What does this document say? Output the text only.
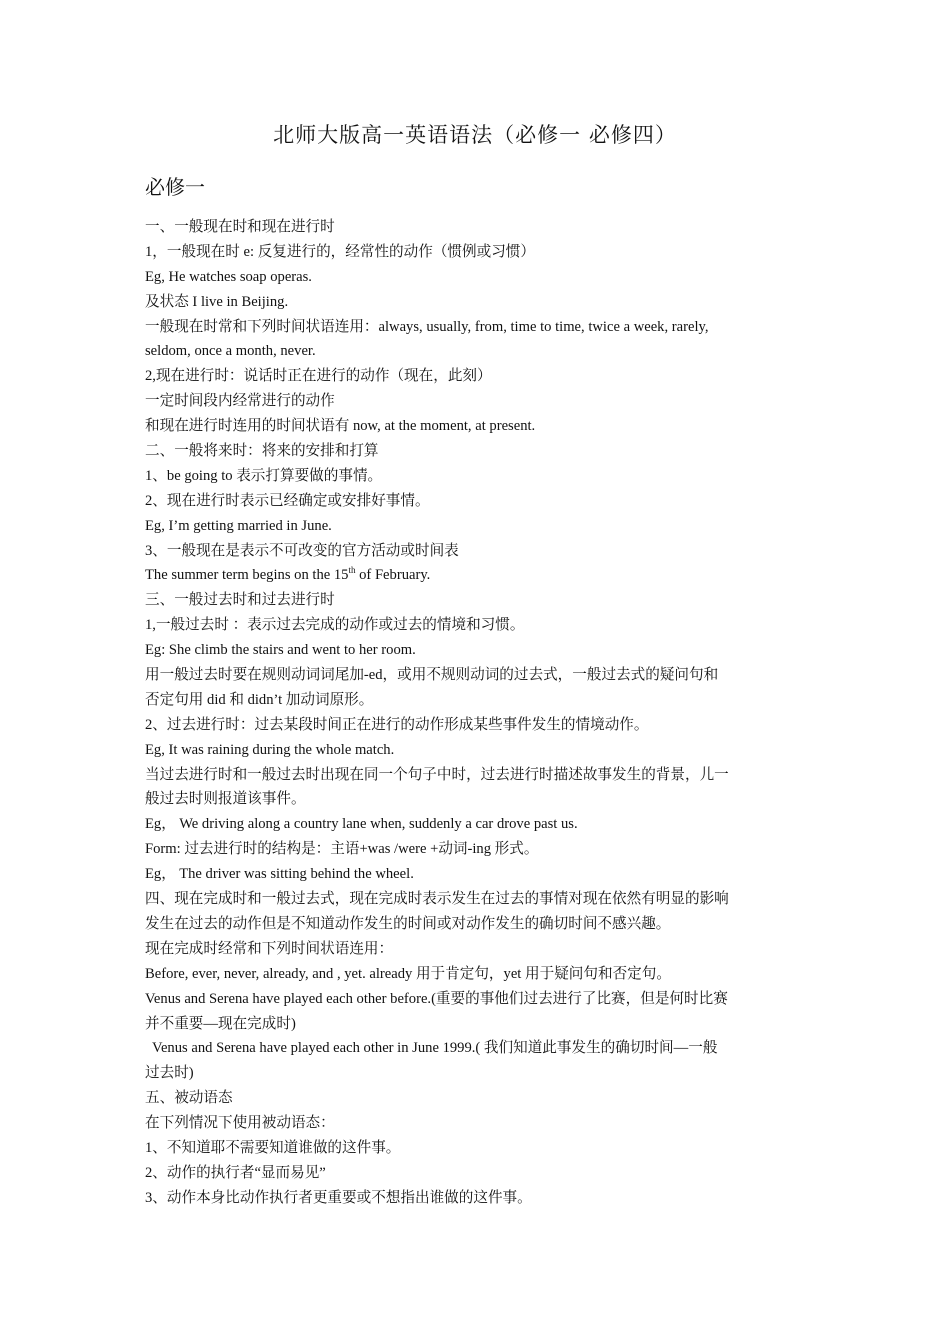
北师大版高一英语语法（必修一 必修四）
必修一
一、一般现在时和现在进行时
1，一般现在时 e: 反复进行的，经常性的动作（惯例或习惯）
Eg, He watches soap operas.
及状态 I live in Beijing.
一般现在时常和下列时间状语连用：always, usually, from, time to time, twice a week, rarely,
seldom, once a month, never.
2,现在进行时：说话时正在进行的动作（现在，此刻）
一定时间段内经常进行的动作
和现在进行时连用的时间状语有 now, at the moment, at present.
二、一般将来时：将来的安排和打算
1、be going to 表示打算要做的事情。
2、现在进行时表示已经确定或安排好事情。
Eg, I’m getting married in June.
3、一般现在是表示不可改变的官方活动或时间表
The summer term begins on the 15th of February.
三、一般过去时和过去进行时
1,一般过去时 ：表示过去完成的动作或过去的情境和习惯。
Eg: She climb the stairs and went to her room.
用一般过去时要在规则动词词尾加-ed，或用不规则动词的过去式，一般过去式的疑问句和
否定句用 did 和 didn’t 加动词原形。
2、过去进行时：过去某段时间正在进行的动作形成某些事件发生的情境动作。
Eg, It was raining during the whole match.
当过去进行时和一般过去时出现在同一个句子中时，过去进行时描述故事发生的背景，儿一
般过去时则报道该事件。
Eg， We driving along a country lane when, suddenly a car drove past us.
Form: 过去进行时的结构是：主语+was /were +动词-ing 形式。
Eg， The driver was sitting behind the wheel.
四、现在完成时和一般过去式，现在完成时表示发生在过去的事情对现在依然有明显的影响
发生在过去的动作但是不知道动作发生的时间或对动作发生的确切时间不感兴趣。
现在完成时经常和下列时间状语连用：
Before, ever, never, already, and , yet. already 用于肯定句，yet 用于疑问句和否定句。
Venus and Serena have played each other before.(重要的事他们过去进行了比赛，但是何时比赛
并不重要—现在完成时)
Venus and Serena have played each other in June 1999.( 我们知道此事发生的确切时间—一般
过去时)
五、被动语态
在下列情况下使用被动语态：
1、不知道耶不需要知道谁做的这件事。
2、动作的执行者“显而易见”
3、动作本身比动作执行者更重要或不想指出谁做的这件事。
